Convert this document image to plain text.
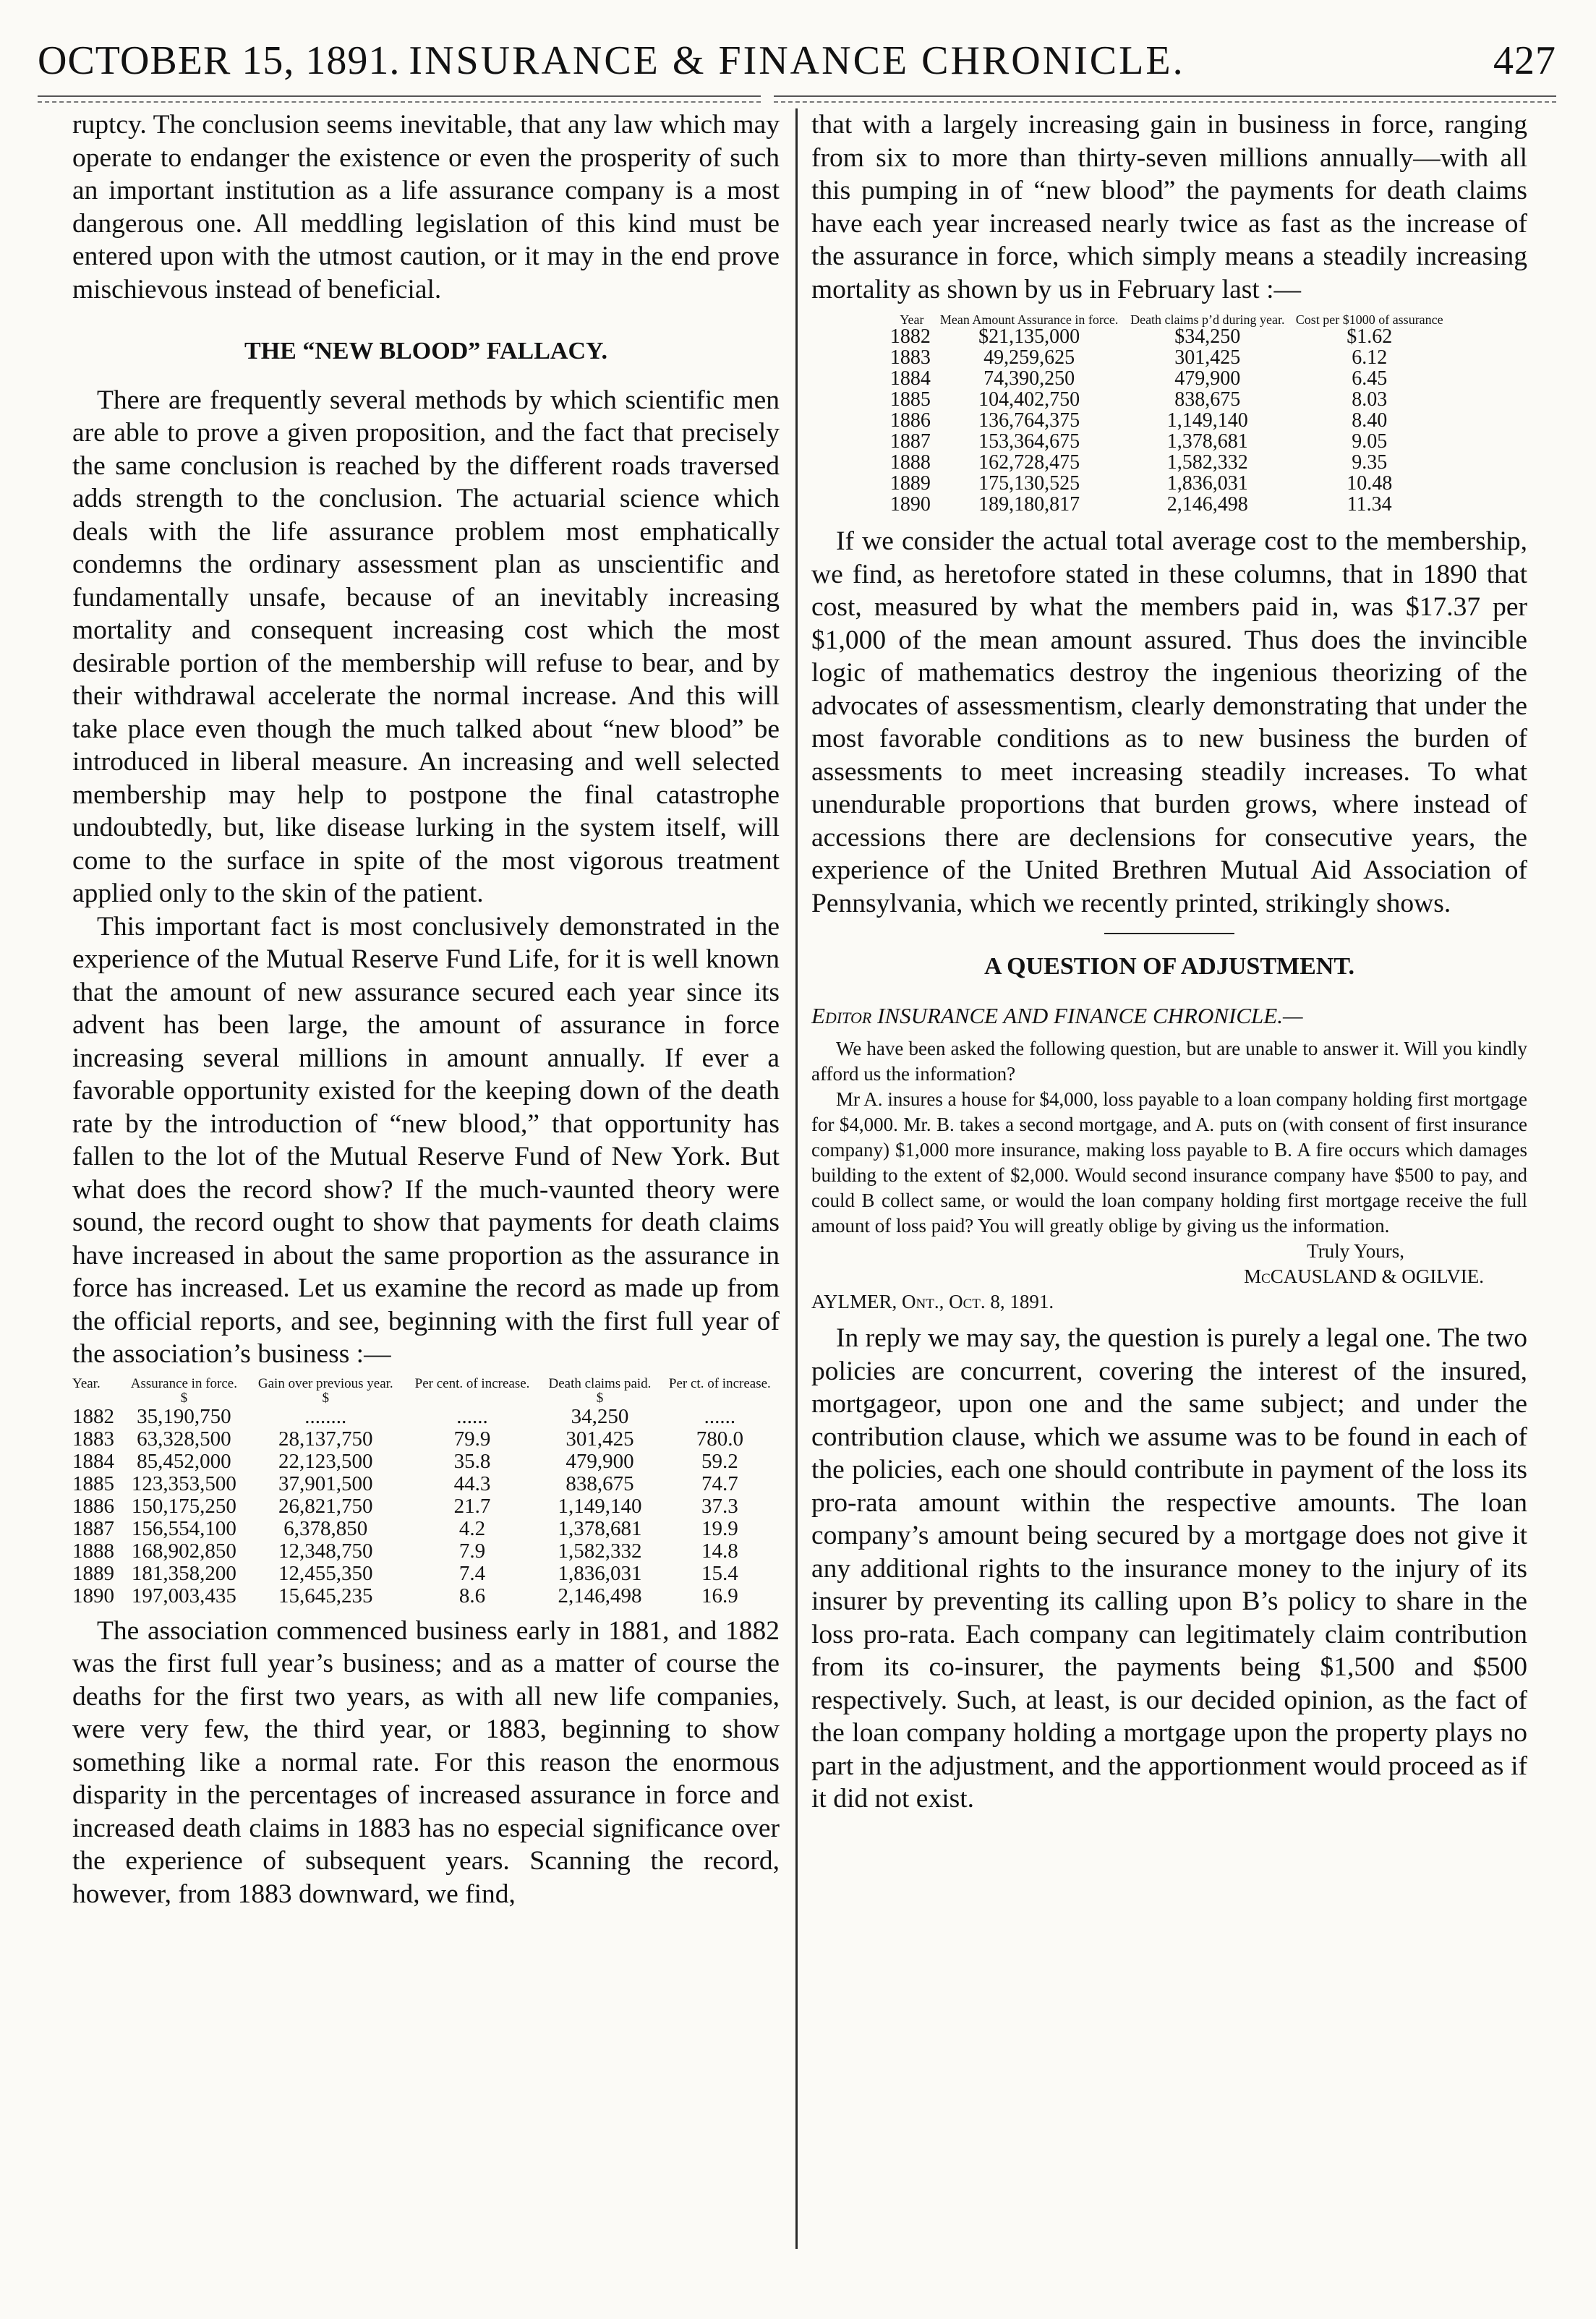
OCTOBER 15, 1891. INSURANCE & FINANCE CHRONICLE.	427

ruptcy. The conclusion seems inevitable, that any law which may operate to endanger the existence or even the prosperity of such an important institution as a life assurance company is a most dangerous one. All meddling legislation of this kind must be entered upon with the utmost caution, or it may in the end prove mischievous instead of beneficial.

THE “NEW BLOOD” FALLACY.

There are frequently several methods by which scientific men are able to prove a given proposition, and the fact that precisely the same conclusion is reached by the different roads traversed adds strength to the conclusion. The actuarial science which deals with the life assurance problem most emphatically condemns the ordinary assessment plan as unscientific and fundamentally unsafe, because of an inevitably increasing mortality and consequent increasing cost which the most desirable portion of the membership will refuse to bear, and by their withdrawal accelerate the normal increase. And this will take place even though the much talked about “new blood” be introduced in liberal measure. An increasing and well selected membership may help to postpone the final catastrophe undoubtedly, but, like disease lurking in the system itself, will come to the surface in spite of the most vigorous treatment applied only to the skin of the patient.

This important fact is most conclusively demonstrated in the experience of the Mutual Reserve Fund Life, for it is well known that the amount of new assurance secured each year since its advent has been large, the amount of assurance in force increasing several millions in amount annually. If ever a favorable opportunity existed for the keeping down of the death rate by the introduction of “new blood,” that opportunity has fallen to the lot of the Mutual Reserve Fund of New York. But what does the record show? If the much-vaunted theory were sound, the record ought to show that payments for death claims have increased in about the same proportion as the assurance in force has increased. Let us examine the record as made up from the official reports, and see, beginning with the first full year of the association’s business :—

Year.	Assurance in force.	Gain over previous year.	Per cent. of increase.	Death claims paid.	Per ct. of increase.
	$	$		$	
1882	35,190,750	........	......	34,250	......
1883	63,328,500	28,137,750	79.9	301,425	780.0
1884	85,452,000	22,123,500	35.8	479,900	59.2
1885	123,353,500	37,901,500	44.3	838,675	74.7
1886	150,175,250	26,821,750	21.7	1,149,140	37.3
1887	156,554,100	6,378,850	4.2	1,378,681	19.9
1888	168,902,850	12,348,750	7.9	1,582,332	14.8
1889	181,358,200	12,455,350	7.4	1,836,031	15.4
1890	197,003,435	15,645,235	8.6	2,146,498	16.9

The association commenced business early in 1881, and 1882 was the first full year’s business; and as a matter of course the deaths for the first two years, as with all new life companies, were very few, the third year, or 1883, beginning to show something like a normal rate. For this reason the enormous disparity in the percentages of increased assurance in force and increased death claims in 1883 has no especial significance over the experience of subsequent years. Scanning the record, however, from 1883 downward, we find,

that with a largely increasing gain in business in force, ranging from six to more than thirty-seven millions annually—with all this pumping in of “new blood” the payments for death claims have each year increased nearly twice as fast as the increase of the assurance in force, which simply means a steadily increasing mortality as shown by us in February last :—

Year	Mean Amount Assurance in force.	Death claims p’d during year.	Cost per $1000 of assurance
1882	$21,135,000	$34,250	$1.62
1883	49,259,625	301,425	6.12
1884	74,390,250	479,900	6.45
1885	104,402,750	838,675	8.03
1886	136,764,375	1,149,140	8.40
1887	153,364,675	1,378,681	9.05
1888	162,728,475	1,582,332	9.35
1889	175,130,525	1,836,031	10.48
1890	189,180,817	2,146,498	11.34

If we consider the actual total average cost to the membership, we find, as heretofore stated in these columns, that in 1890 that cost, measured by what the members paid in, was $17.37 per $1,000 of the mean amount assured. Thus does the invincible logic of mathematics destroy the ingenious theorizing of the advocates of assessmentism, clearly demonstrating that under the most favorable conditions as to new business the burden of assessments to meet increasing steadily increases. To what unendurable proportions that burden grows, where instead of accessions there are declensions for consecutive years, the experience of the United Brethren Mutual Aid Association of Pennsylvania, which we recently printed, strikingly shows.

A QUESTION OF ADJUSTMENT.

Editor INSURANCE AND FINANCE CHRONICLE.—

We have been asked the following question, but are unable to answer it. Will you kindly afford us the information?

Mr A. insures a house for $4,000, loss payable to a loan company holding first mortgage for $4,000. Mr. B. takes a second mortgage, and A. puts on (with consent of first insurance company) $1,000 more insurance, making loss payable to B. A fire occurs which damages building to the extent of $2,000. Would second insurance company have $500 to pay, and could B collect same, or would the loan company holding first mortgage receive the full amount of loss paid? You will greatly oblige by giving us the information.

Truly Yours,

McCAUSLAND & OGILVIE.

AYLMER, Ont., Oct. 8, 1891.

In reply we may say, the question is purely a legal one. The two policies are concurrent, covering the interest of the insured, mortgageor, upon one and the same subject; and under the contribution clause, which we assume was to be found in each of the policies, each one should contribute in payment of the loss its pro-rata amount within the respective amounts. The loan company’s amount being secured by a mortgage does not give it any additional rights to the insurance money to the injury of its insurer by preventing its calling upon B’s policy to share in the loss pro-rata. Each company can legitimately claim contribution from its co-insurer, the payments being $1,500 and $500 respectively. Such, at least, is our decided opinion, as the fact of the loan company holding a mortgage upon the property plays no part in the adjustment, and the apportionment would proceed as if it did not exist.
